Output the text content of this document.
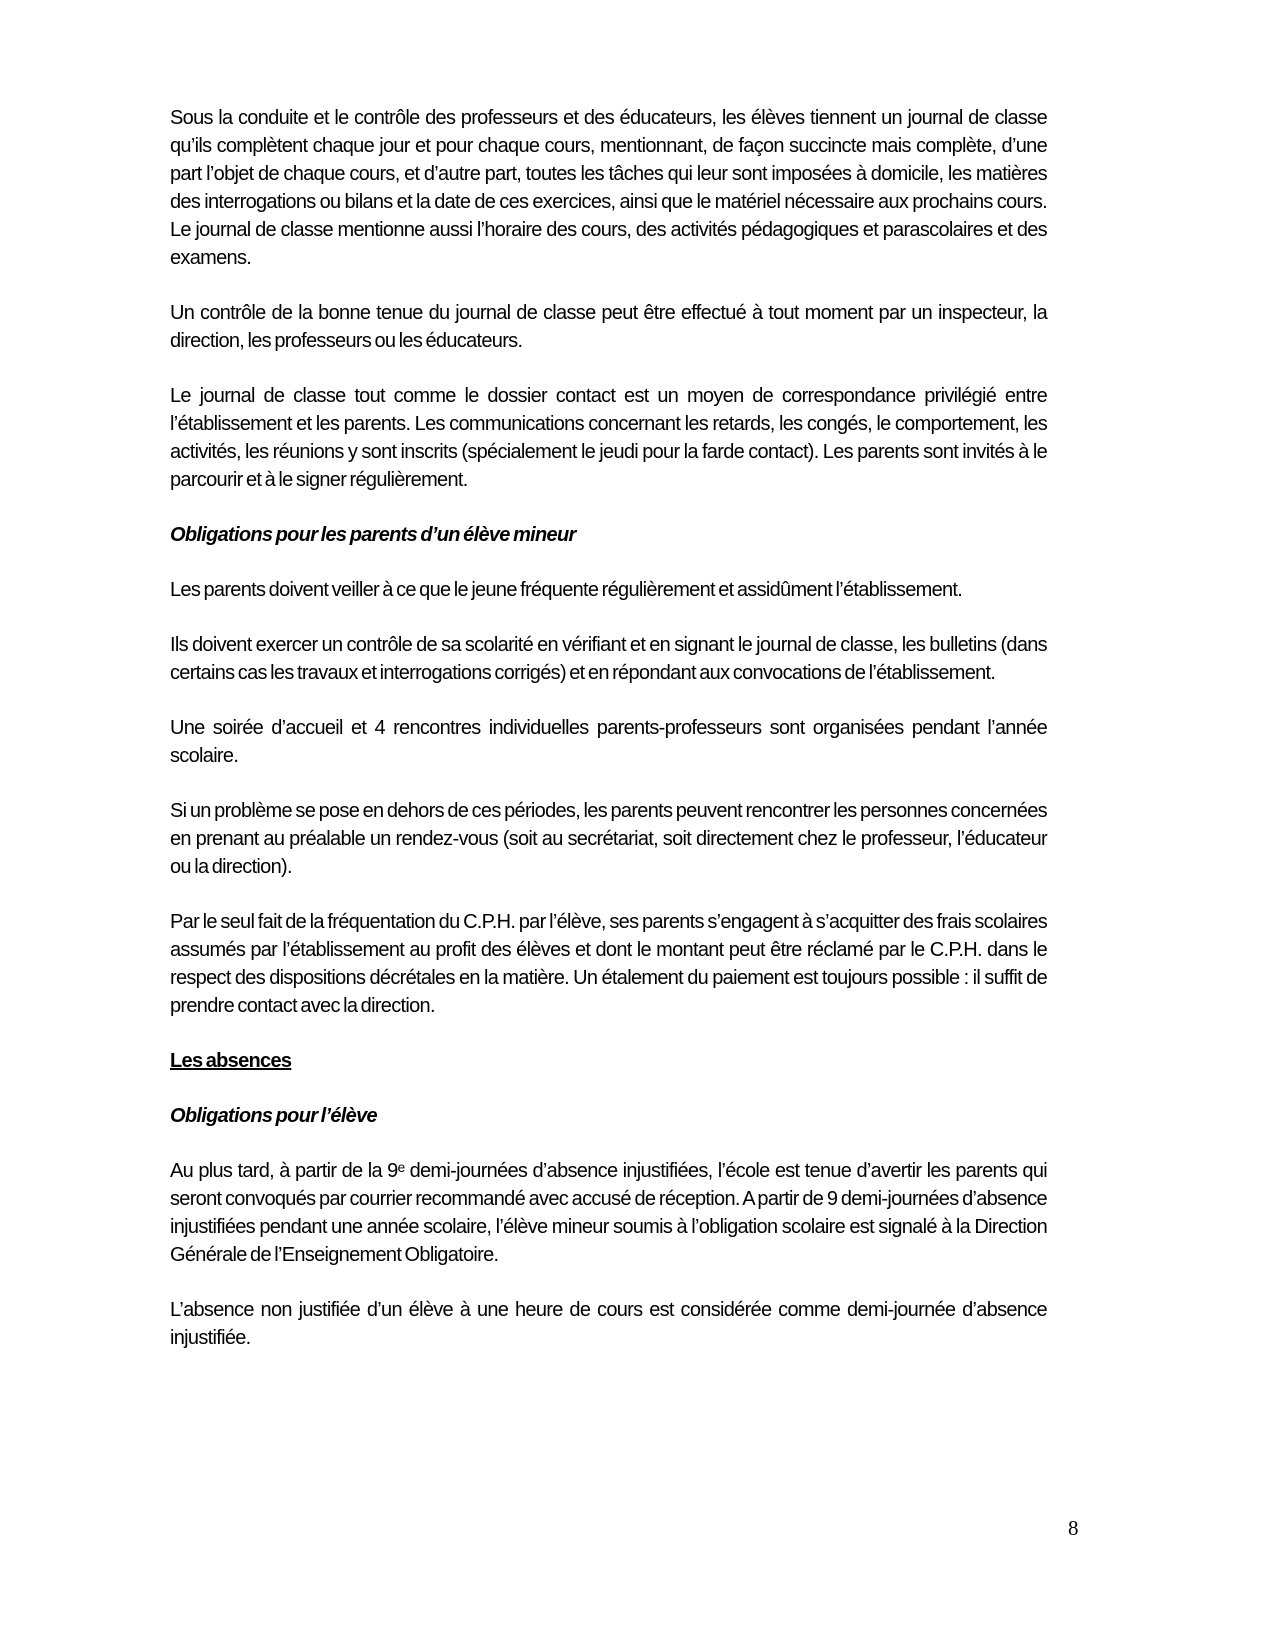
Sous la conduite et le contrôle des professeurs et des éducateurs, les élèves tiennent un journal de classe qu’ils complètent chaque jour et pour chaque cours, mentionnant, de façon succincte mais complète, d’une part l’objet de chaque cours, et d’autre part, toutes les tâches qui leur sont imposées à domicile, les matières des interrogations ou bilans et la date de ces exercices, ainsi que le matériel nécessaire aux prochains cours. Le journal de classe mentionne aussi l’horaire des cours, des activités pédagogiques et parascolaires et des examens.

Un contrôle de la bonne tenue du journal de classe peut être effectué à tout moment par un inspecteur, la direction, les professeurs ou les éducateurs.

Le journal de classe tout comme le dossier contact est un moyen de correspondance privilégié entre l’établissement et les parents. Les communications concernant les retards, les congés, le comportement, les activités, les réunions y sont inscrits (spécialement le jeudi pour la farde contact). Les parents sont invités à le parcourir et à le signer régulièrement.

Obligations pour les parents d’un élève mineur

Les parents doivent veiller à ce que le jeune fréquente régulièrement et assidûment l’établissement.

Ils doivent exercer un contrôle de sa scolarité en vérifiant et en signant le journal de classe, les bulletins (dans certains cas les travaux et interrogations corrigés) et en répondant aux convocations de l’établissement.

Une soirée d’accueil et 4 rencontres individuelles parents-professeurs sont organisées pendant l’année scolaire.

Si un problème se pose en dehors de ces périodes, les parents peuvent rencontrer les personnes concernées en prenant au préalable un rendez-vous (soit au secrétariat, soit directement chez le professeur, l’éducateur ou la direction).

Par le seul fait de la fréquentation du C.P.H. par l’élève, ses parents s’engagent à s’acquitter des frais scolaires assumés par l’établissement au profit des élèves et dont le montant peut être réclamé par le C.P.H. dans le respect des dispositions décrétales en la matière. Un étalement du paiement est toujours possible : il suffit de prendre contact avec la direction.

Les absences
Obligations pour l’élève

Au plus tard, à partir de la 9ᵉ demi-journées d’absence injustifiées, l’école est tenue d’avertir les parents qui seront convoqués par courrier recommandé avec accusé de réception. A partir de 9 demi-journées d’absence injustifiées pendant une année scolaire, l’élève mineur soumis à l’obligation scolaire est signalé à la Direction Générale de l’Enseignement Obligatoire.

L’absence non justifiée d’un élève à une heure de cours est considérée comme demi-journée d’absence injustifiée.

8
